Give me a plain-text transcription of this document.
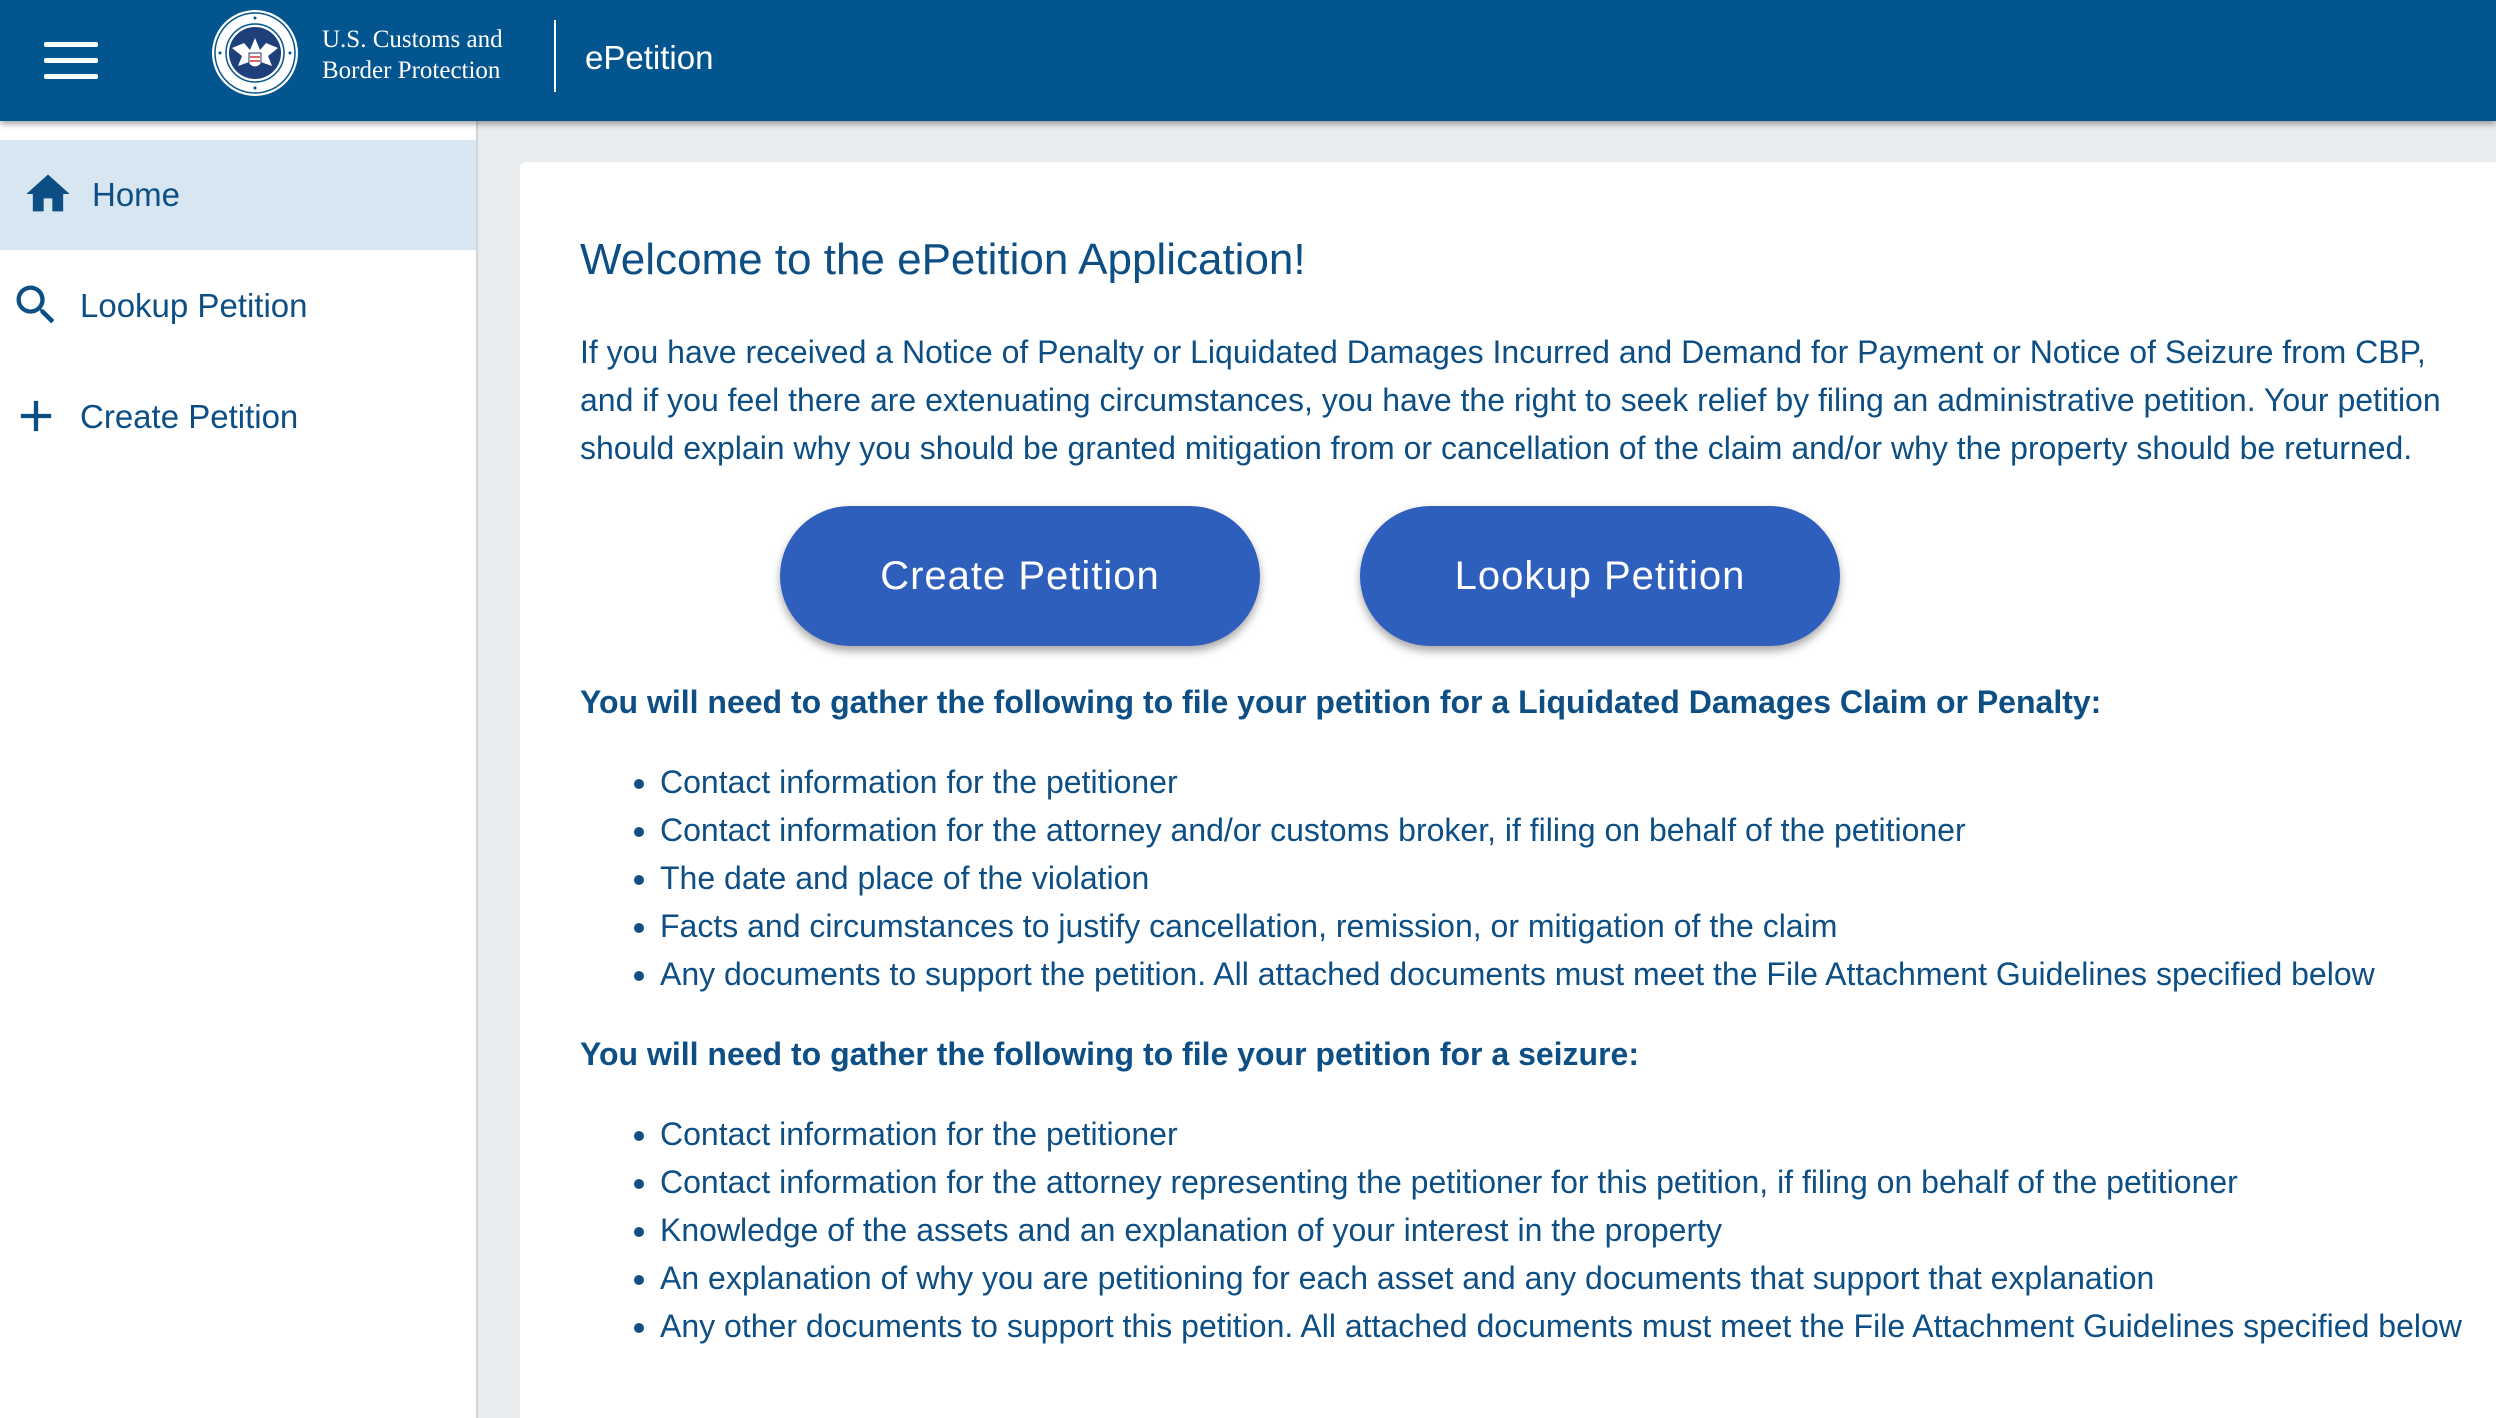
U.S. Customs and
Border Protection	ePetition
Home
Lookup Petition
Create Petition
Welcome to the ePetition Application!

If you have received a Notice of Penalty or Liquidated Damages Incurred and Demand for Payment or Notice of Seizure from CBP, and if you feel there are extenuating circumstances, you have the right to seek relief by filing an administrative petition. Your petition should explain why you should be granted mitigation from or cancellation of the claim and/or why the property should be returned.

Create Petition	Lookup Petition
You will need to gather the following to file your petition for a Liquidated Damages Claim or Penalty:
• Contact information for the petitioner
• Contact information for the attorney and/or customs broker, if filing on behalf of the petitioner
• The date and place of the violation
• Facts and circumstances to justify cancellation, remission, or mitigation of the claim
• Any documents to support the petition. All attached documents must meet the File Attachment Guidelines specified below
You will need to gather the following to file your petition for a seizure:
• Contact information for the petitioner
• Contact information for the attorney representing the petitioner for this petition, if filing on behalf of the petitioner
• Knowledge of the assets and an explanation of your interest in the property
• An explanation of why you are petitioning for each asset and any documents that support that explanation
• Any other documents to support this petition. All attached documents must meet the File Attachment Guidelines specified below
